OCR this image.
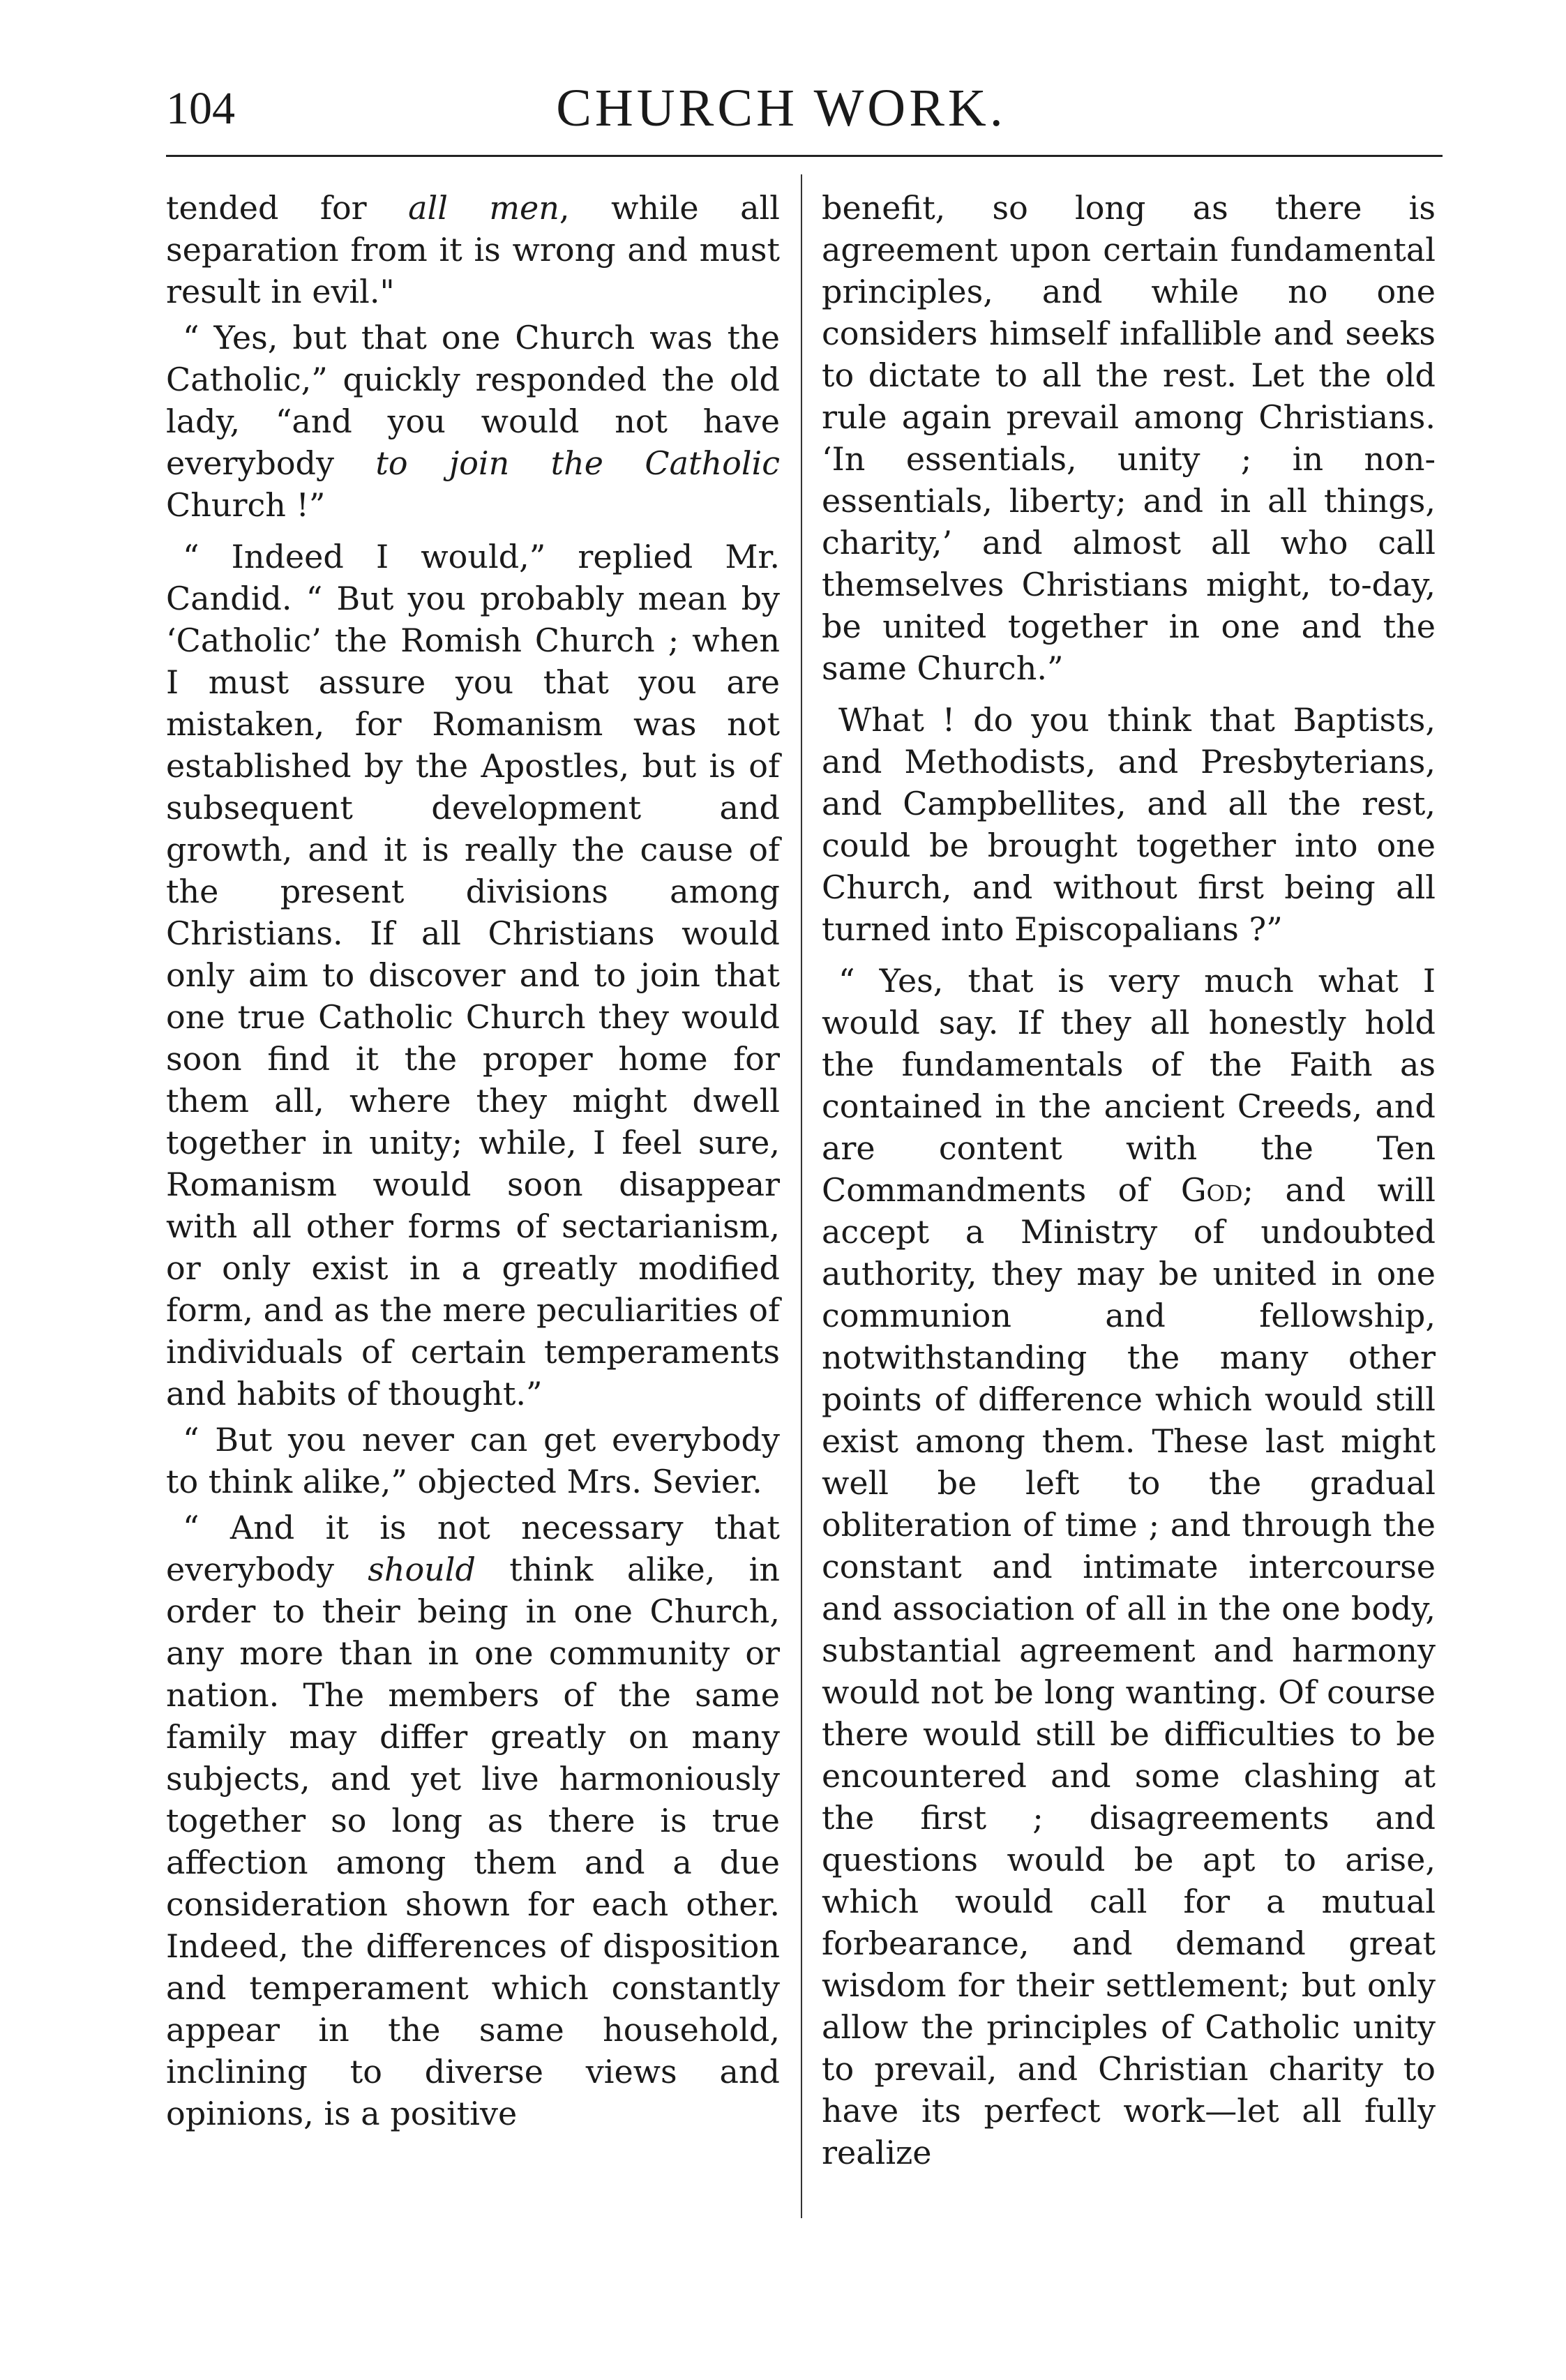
104	CHURCH WORK.

tended for all men, while all separation from it is wrong and must result in evil."

“ Yes, but that one Church was the Catholic,” quickly responded the old lady, “and you would not have everybody to join the Catholic Church !”

“ Indeed I would,” replied Mr. Candid. “ But you probably mean by ‘Catholic’ the Romish Church ; when I must assure you that you are mistaken, for Romanism was not established by the Apostles, but is of subsequent development and growth, and it is really the cause of the present divisions among Christians. If all Christians would only aim to discover and to join that one true Catholic Church they would soon find it the proper home for them all, where they might dwell together in unity; while, I feel sure, Romanism would soon disappear with all other forms of sectarianism, or only exist in a greatly modified form, and as the mere peculiarities of individuals of certain temperaments and habits of thought.”

“ But you never can get everybody to think alike,” objected Mrs. Sevier.

“ And it is not necessary that everybody should think alike, in order to their being in one Church, any more than in one community or nation. The members of the same family may differ greatly on many subjects, and yet live harmoniously together so long as there is true affection among them and a due consideration shown for each other. Indeed, the differences of disposition and temperament which constantly appear in the same household, inclining to diverse views and opinions, is a positive

benefit, so long as there is agreement upon certain fundamental principles, and while no one considers himself infallible and seeks to dictate to all the rest. Let the old rule again prevail among Christians. ‘In essentials, unity ; in non-essentials, liberty; and in all things, charity,’ and almost all who call themselves Christians might, to-day, be united together in one and the same Church.”

What ! do you think that Baptists, and Methodists, and Presbyterians, and Campbellites, and all the rest, could be brought together into one Church, and without first being all turned into Episcopalians ?”

“ Yes, that is very much what I would say. If they all honestly hold the fundamentals of the Faith as contained in the ancient Creeds, and are content with the Ten Commandments of God; and will accept a Ministry of undoubted authority, they may be united in one communion and fellowship, notwithstanding the many other points of difference which would still exist among them. These last might well be left to the gradual obliteration of time ; and through the constant and intimate intercourse and association of all in the one body, substantial agreement and harmony would not be long wanting. Of course there would still be difficulties to be encountered and some clashing at the first ; disagreements and questions would be apt to arise, which would call for a mutual forbearance, and demand great wisdom for their settlement; but only allow the principles of Catholic unity to prevail, and Christian charity to have its perfect work—let all fully realize
